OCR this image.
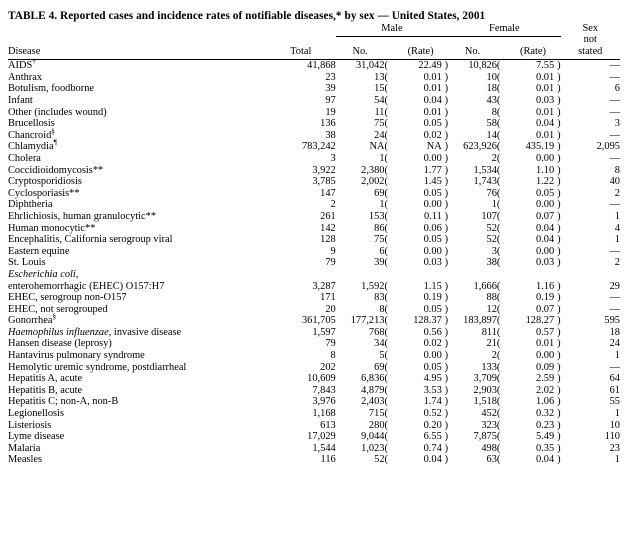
TABLE 4. Reported cases and incidence rates of notifiable diseases,* by sex — United States, 2001
		Male				Female				Sex
not
stated

Disease	Total	No.		(Rate)		No.		(Rate)		

AIDS†	41,868	31,042	(	22.49	)	10,826	(	7.55	)	—
Anthrax	23	13	(	0.01	)	10	(	0.01	)	—
Botulism, foodborne	39	15	(	0.01	)	18	(	0.01	)	6
Infant	97	54	(	0.04	)	43	(	0.03	)	—
Other (includes wound)	19	11	(	0.01	)	8	(	0.01	)	—
Brucellosis	136	75	(	0.05	)	58	(	0.04	)	3
Chancroid§	38	24	(	0.02	)	14	(	0.01	)	—
Chlamydia¶	783,242	NA	(	NA	)	623,926	(	435.19	)	2,095
Cholera	3	1	(	0.00	)	2	(	0.00	)	—
Coccidioidomycosis**	3,922	2,380	(	1.77	)	1,534	(	1.10	)	8
Cryptosporidiosis	3,785	2,002	(	1.45	)	1,743	(	1.22	)	40
Cyclosporiasis**	147	69	(	0.05	)	76	(	0.05	)	2
Diphtheria	2	1	(	0.00	)	1	(	0.00	)	—
Ehrlichiosis, human granulocytic**	261	153	(	0.11	)	107	(	0.07	)	1
Human monocytic**	142	86	(	0.06	)	52	(	0.04	)	4
Encephalitis, California serogroup viral	128	75	(	0.05	)	52	(	0.04	)	1
Eastern equine	9	6	(	0.00	)	3	(	0.00	)	—
St. Louis	79	39	(	0.03	)	38	(	0.03	)	2
Escherichia coli,										
enterohemorrhagic (EHEC) O157:H7	3,287	1,592	(	1.15	)	1,666	(	1.16	)	29
EHEC, serogroup non-O157	171	83	(	0.19	)	88	(	0.19	)	—
EHEC, not serogrouped	20	8	(	0.05	)	12	(	0.07	)	—
Gonorrhea§	361,705	177,213	(	128.37	)	183,897	(	128.27	)	595
Haemophilus influenzae, invasive disease	1,597	768	(	0.56	)	811	(	0.57	)	18
Hansen disease (leprosy)	79	34	(	0.02	)	21	(	0.01	)	24
Hantavirus pulmonary syndrome	8	5	(	0.00	)	2	(	0.00	)	1
Hemolytic uremic syndrome, postdiarrheal	202	69	(	0.05	)	133	(	0.09	)	—
Hepatitis A, acute	10,609	6,836	(	4.95	)	3,709	(	2.59	)	64
Hepatitis B, acute	7,843	4,879	(	3.53	)	2,903	(	2.02	)	61
Hepatitis C; non-A, non-B	3,976	2,403	(	1.74	)	1,518	(	1.06	)	55
Legionellosis	1,168	715	(	0.52	)	452	(	0.32	)	1
Listeriosis	613	280	(	0.20	)	323	(	0.23	)	10
Lyme disease	17,029	9,044	(	6.55	)	7,875	(	5.49	)	110
Malaria	1,544	1,023	(	0.74	)	498	(	0.35	)	23
Measles	116	52	(	0.04	)	63	(	0.04	)	1
